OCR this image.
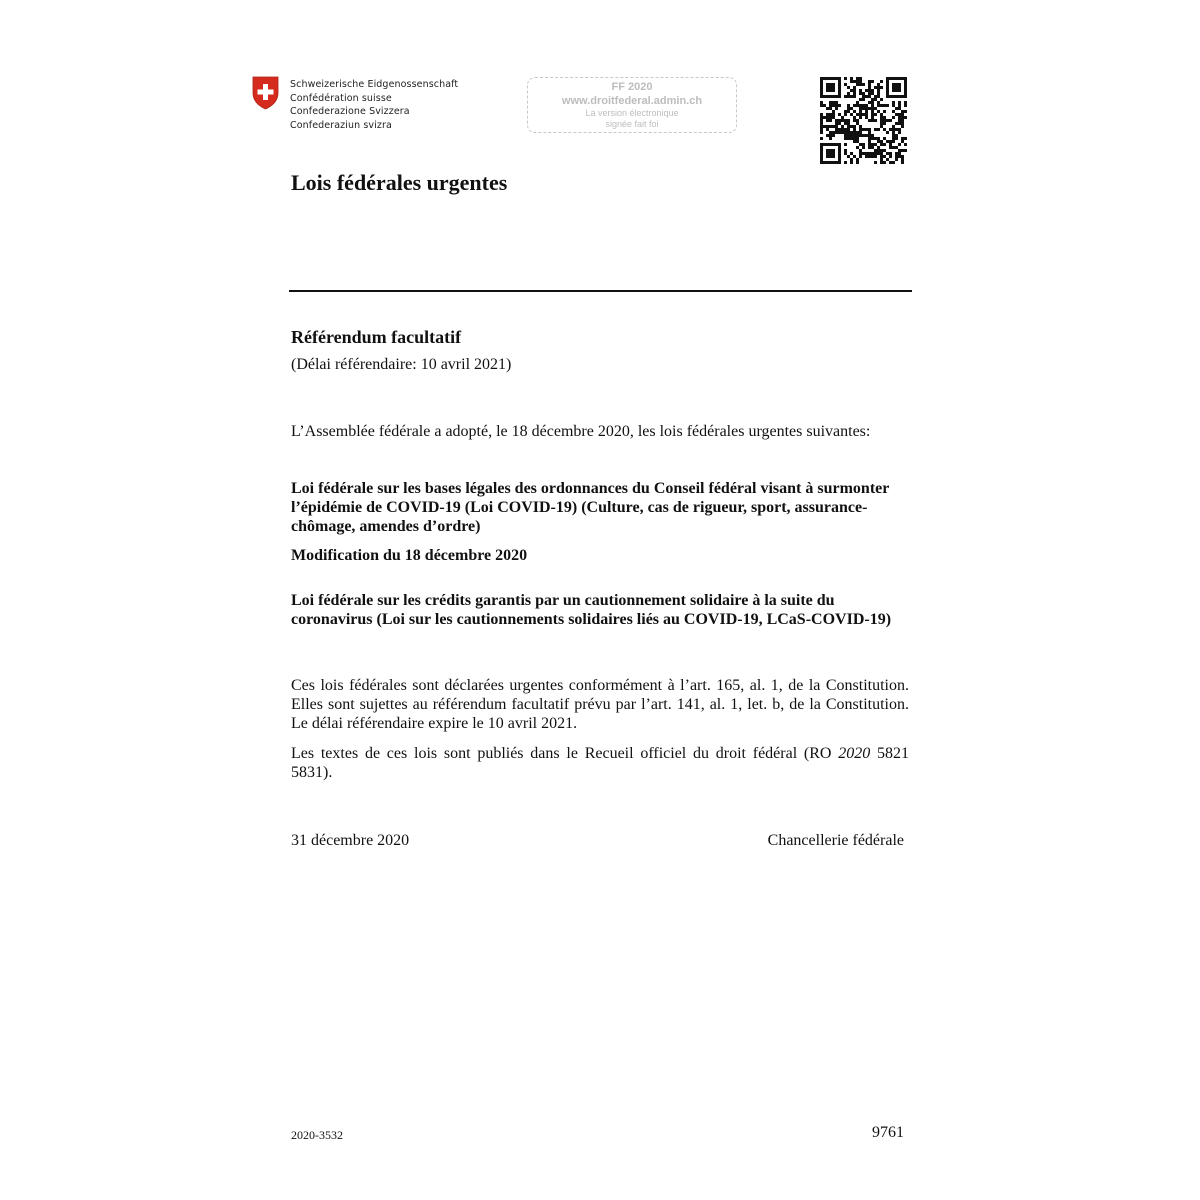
Schweizerische Eidgenossenschaft
Confédération suisse
Confederazione Svizzera
Confederaziun svizra
FF 2020
www.droitfederal.admin.ch
La version électronique
signée fait foi
Lois fédérales urgentes
Référendum facultatif
(Délai référendaire: 10 avril 2021)
L’Assemblée fédérale a adopté, le 18 décembre 2020, les lois fédérales urgentes suivantes:
Loi fédérale sur les bases légales des ordonnances du Conseil fédéral visant à surmonter l’épidémie de COVID-19 (Loi COVID-19) (Culture, cas de rigueur, sport, assurance-chômage, amendes d’ordre)
Modification du 18 décembre 2020
Loi fédérale sur les crédits garantis par un cautionnement solidaire à la suite du coronavirus (Loi sur les cautionnements solidaires liés au COVID-19, LCaS-COVID-19)
Ces lois fédérales sont déclarées urgentes conformément à l’art. 165, al. 1, de la Constitution. Elles sont sujettes au référendum facultatif prévu par l’art. 141, al. 1, let. b, de la Constitution. Le délai référendaire expire le 10 avril 2021.
Les textes de ces lois sont publiés dans le Recueil officiel du droit fédéral (RO 2020 5821 5831).
31 décembre 2020	Chancellerie fédérale
2020-3532	9761
